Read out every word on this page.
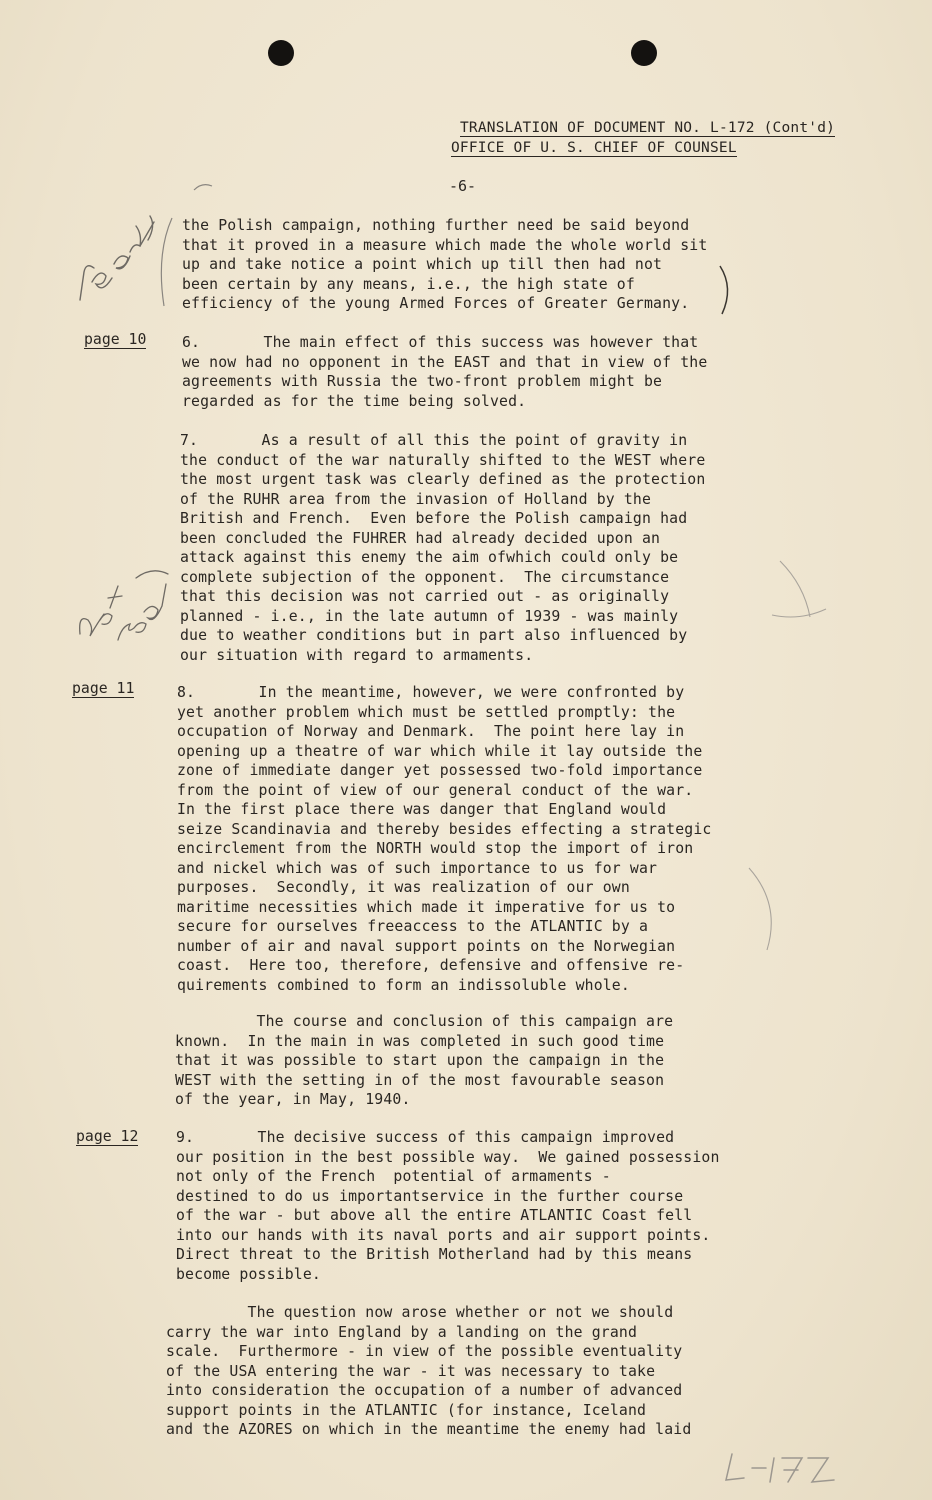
TRANSLATION OF DOCUMENT NO. L-172 (Cont'd)
OFFICE OF U. S. CHIEF OF COUNSEL
-6-
the Polish campaign, nothing further need be said beyond
that it proved in a measure which made the whole world sit
up and take notice a point which up till then had not
been certain by any means, i.e., the high state of
efficiency of the young Armed Forces of Greater Germany.
page 10 6.       The main effect of this success was however that
we now had no opponent in the EAST and that in view of the
agreements with Russia the two-front problem might be
regarded as for the time being solved.
7.       As a result of all this the point of gravity in
the conduct of the war naturally shifted to the WEST where
the most urgent task was clearly defined as the protection
of the RUHR area from the invasion of Holland by the
British and French.  Even before the Polish campaign had
been concluded the FUHRER had already decided upon an
attack against this enemy the aim ofwhich could only be
complete subjection of the opponent.  The circumstance
that this decision was not carried out - as originally
planned - i.e., in the late autumn of 1939 - was mainly
due to weather conditions but in part also influenced by
our situation with regard to armaments.
page 11	8.       In the meantime, however, we were confronted by
yet another problem which must be settled promptly: the
occupation of Norway and Denmark.  The point here lay in
opening up a theatre of war which while it lay outside the
zone of immediate danger yet possessed two-fold importance
from the point of view of our general conduct of the war.
In the first place there was danger that England would
seize Scandinavia and thereby besides effecting a strategic
encirclement from the NORTH would stop the import of iron
and nickel which was of such importance to us for war
purposes.  Secondly, it was realization of our own
maritime necessities which made it imperative for us to
secure for ourselves freeaccess to the ATLANTIC by a
number of air and naval support points on the Norwegian
coast.  Here too, therefore, defensive and offensive re-
quirements combined to form an indissoluble whole.
The course and conclusion of this campaign are
known.  In the main in was completed in such good time
that it was possible to start upon the campaign in the
WEST with the setting in of the most favourable season
of the year, in May, 1940.
page 12	9.       The decisive success of this campaign improved
our position in the best possible way.  We gained possession
not only of the French  potential of armaments -
destined to do us importantservice in the further course
of the war - but above all the entire ATLANTIC Coast fell
into our hands with its naval ports and air support points.
Direct threat to the British Motherland had by this means
become possible.
The question now arose whether or not we should
carry the war into England by a landing on the grand
scale.  Furthermore - in view of the possible eventuality
of the USA entering the war - it was necessary to take
into consideration the occupation of a number of advanced
support points in the ATLANTIC (for instance, Iceland
and the AZORES on which in the meantime the enemy had laid
